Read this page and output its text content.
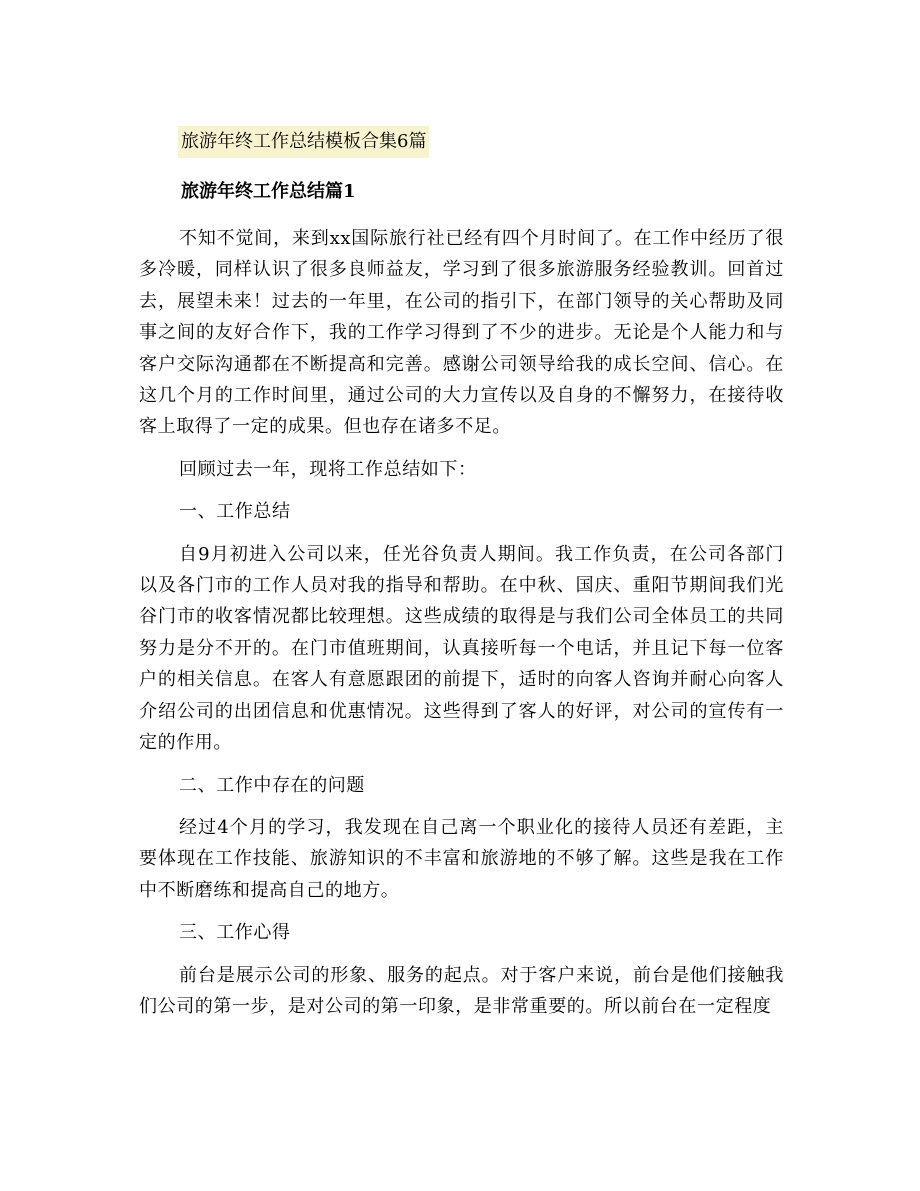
旅游年终工作总结模板合集6篇
旅游年终工作总结篇1

不知不觉间，来到xx国际旅行社已经有四个月时间了。在工作中经历了很多冷暖，同样认识了很多良师益友，学习到了很多旅游服务经验教训。回首过去，展望未来！过去的一年里，在公司的指引下，在部门领导的关心帮助及同事之间的友好合作下，我的工作学习得到了不少的进步。无论是个人能力和与客户交际沟通都在不断提高和完善。感谢公司领导给我的成长空间、信心。在这几个月的工作时间里，通过公司的大力宣传以及自身的不懈努力，在接待收客上取得了一定的成果。但也存在诸多不足。

回顾过去一年，现将工作总结如下：

一、工作总结

自9月初进入公司以来，任光谷负责人期间。我工作负责，在公司各部门以及各门市的工作人员对我的指导和帮助。在中秋、国庆、重阳节期间我们光谷门市的收客情况都比较理想。这些成绩的取得是与我们公司全体员工的共同努力是分不开的。在门市值班期间，认真接听每一个电话，并且记下每一位客户的相关信息。在客人有意愿跟团的前提下，适时的向客人咨询并耐心向客人介绍公司的出团信息和优惠情况。这些得到了客人的好评，对公司的宣传有一定的作用。

二、工作中存在的问题

经过4个月的学习，我发现在自己离一个职业化的接待人员还有差距，主要体现在工作技能、旅游知识的不丰富和旅游地的不够了解。这些是我在工作中不断磨练和提高自己的地方。

三、工作心得

前台是展示公司的形象、服务的起点。对于客户来说，前台是他们接触我们公司的第一步，是对公司的第一印象，是非常重要的。所以前台在一定程度
